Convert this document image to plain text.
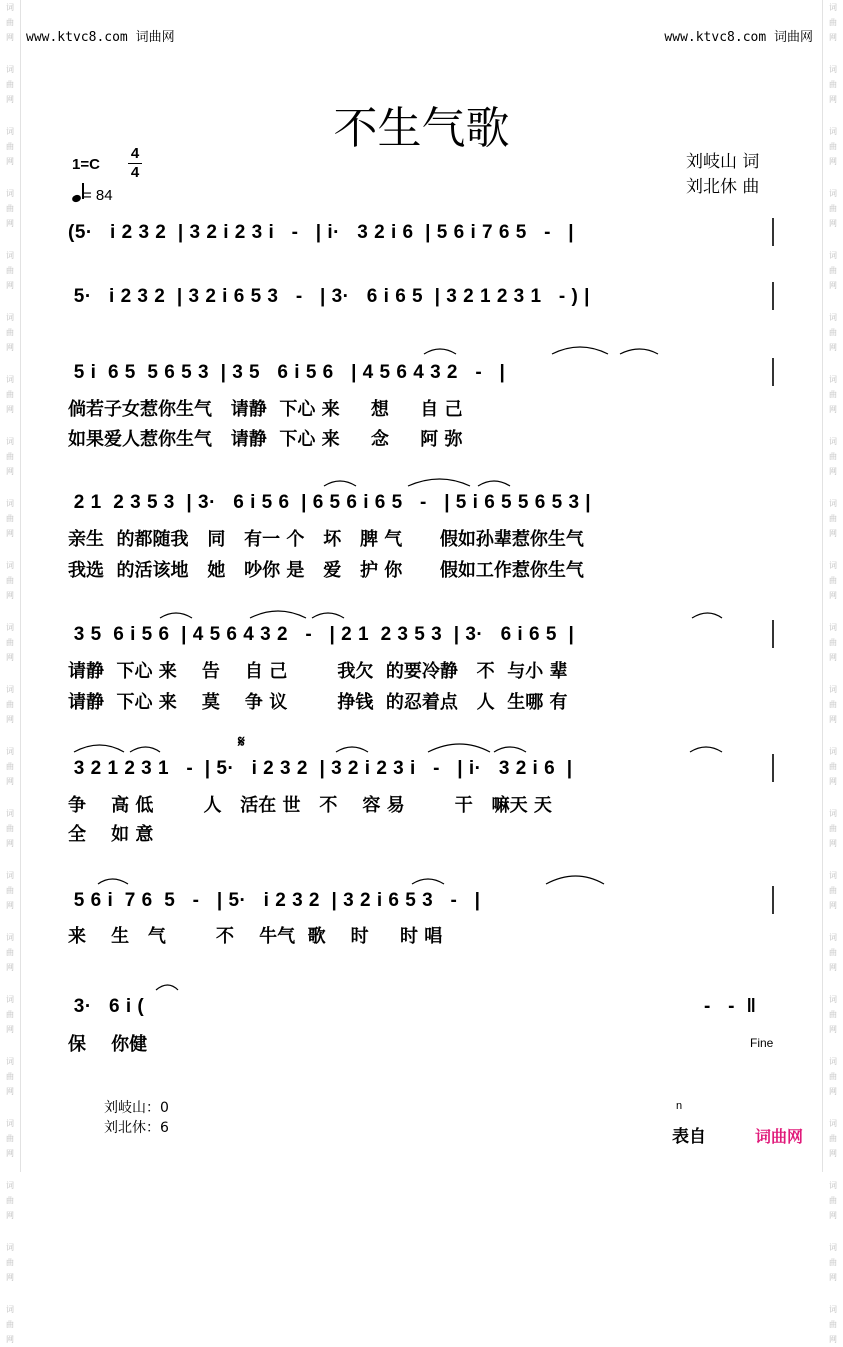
词
曲
网
词
曲
网
词
曲
网
词
曲
网
词
曲
网
词
曲
网
词
曲
网
词
曲
网
词
曲
网
词
曲
网
词
曲
网
词
曲
网
词
曲
网
词
曲
网
词
曲
网
词
曲
网
词
曲
网
词
曲
网
词
曲
网
词
曲
网
词
曲
网
词
曲
网
词
曲
网
词
曲
网
词
曲
网
词
曲
网
词
曲
网
词
曲
网
词
曲
网
词
曲
网
词
曲
网
词
曲
网
词
曲
网
词
曲
网
词
曲
网
词
曲
网
词
曲
网
词
曲
网
词
曲
网
词
曲
网
词
曲
网
词
曲
网
词
曲
网
词
曲
网
www.ktvc8.com 词曲网	www.ktvc8.com 词曲网
不生气歌
1=C
4
4
= 84
刘岐山 词
刘北休 曲
(5·   i 2 3 2  | 3 2 i 2 3 i   -   | i·   3 2 i 6  | 5 6 i 7 6 5   -   |
5·   i 2 3 2  | 3 2 i 6 5 3   -   | 3·   6 i 6 5  | 3 2 1 2 3 1   - ) |
5 i  6 5  5 6 5 3  | 3 5   6 i 5 6   | 4 5 6 4 3 2   -   |
倘若子女惹你生气   请静  下心 来     想     自 己
如果爱人惹你生气   请静  下心 来     念     阿 弥
2 1  2 3 5 3  | 3·   6 i 5 6  | 6 5 6 i 6 5   -   | 5 i 6 5 5 6 5 3 |
亲生  的都随我   同   有一 个   坏   脾 气      假如孙辈惹你生气
我选  的活该地   她   吵你 是   爱   护 你      假如工作惹你生气
3 5  6 i 5 6  | 4 5 6 4 3 2   -   | 2 1  2 3 5 3  | 3·   6 i 6 5  |
请静  下心 来    告    自 己        我欠  的要冷静   不  与小 辈
请静  下心 来    莫    争 议        挣钱  的忍着点   人  生哪 有
𝄋
3 2 1 2 3 1   -  | 5·   i 2 3 2  | 3 2 i 2 3 i   -   | i·   3 2 i 6  |
争    高 低        人   活在 世   不    容 易        干   嘛天 天
全    如 意
5 6 i  7 6  5   -   | 5·   i 2 3 2  | 3 2 i 6 5 3   -   |
来    生   气        不    牛气  歌    时     时 唱
3·   6 i (	-   -  ‖
保    你健	Fine
刘岐山：0
刘北休：6
n
表自	词曲网
